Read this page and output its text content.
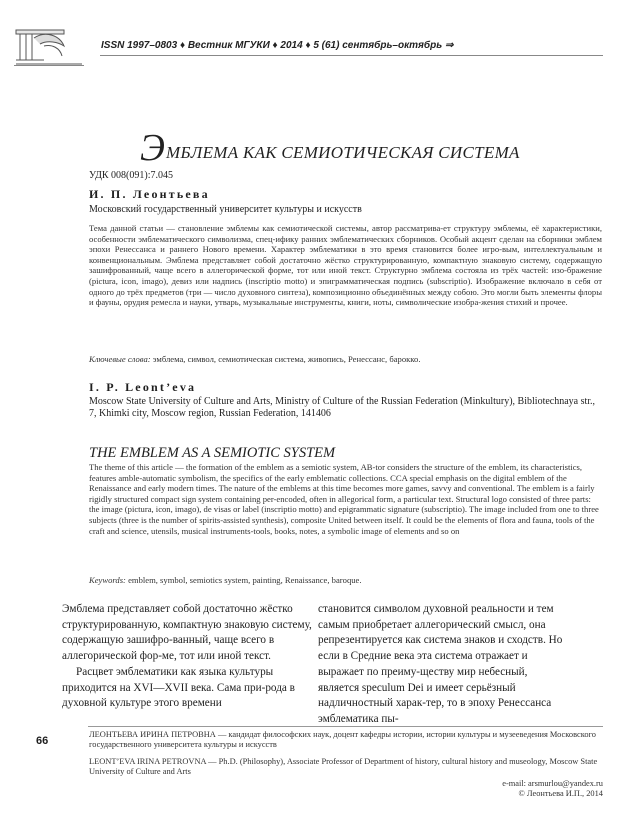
ISSN 1997–0803 ♦ Вестник МГУКИ ♦ 2014 ♦ 5 (61) сентябрь–октябрь ⇒
Э МБЛЕМА КАК СЕМИОТИЧЕСКАЯ СИСТЕМА
УДК 008(091):7.045
И. П. Леонтьева
Московский государственный университет культуры и искусств
Тема данной статьи — становление эмблемы как семиотической системы, автор рассматрива-ет структуру эмблемы, её характеристики, особенности эмблематического символизма, спец-ифику ранних эмблематических сборников. Особый акцент сделан на сборники эмблем эпохи Ренессанса и раннего Нового времени. Характер эмблематики в это время становится более игро-вым, интеллектуальным и конвенциональным. Эмблема представляет собой достаточно жёстко структурированную, компактную знаковую систему, содержащую зашифрованный, чаще всего в аллегорической форме, тот или иной текст. Структурно эмблема состояла из трёх частей: изо-бражение (pictura, icon, imago), девиз или надпись (inscriptio motto) и эпиграмматическая подпись (subscriptio). Изображение включало в себя от одного до трёх предметов (три — число духовного синтеза), композиционно объединённых между собою. Это могли быть элементы флоры и фауны, орудия ремесла и науки, утварь, музыкальные инструменты, книги, ноты, символические изобра-жения стихий и прочее.
Ключевые слова: эмблема, символ, семиотическая система, живопись, Ренессанс, барокко.
I. P. Leont’eva
Moscow State University of Culture and Arts, Ministry of Culture of the Russian Federation (Minkultury), Bibliotechnaya str., 7, Khimki city, Moscow region, Russian Federation, 141406
THE EMBLEM AS A SEMIOTIC SYSTEM
The theme of this article — the formation of the emblem as a semiotic system, AB-tor considers the structure of the emblem, its characteristics, features amble-automatic symbolism, the specifics of the early emblematic collections. CCA special emphasis on the digital emblem of the Renaissance and early modern times. The nature of the emblems at this time becomes more games, savvy and conventional. The emblem is a fairly rigidly structured compact sign system containing per-encoded, often in allegorical form, a particular text. Structural logo consisted of three parts: the image (pictura, icon, imago), de visas or label (inscriptio motto) and epigrammatic signature (subscriptio). The image included from one to three subjects (three is the number of spirits-assisted synthesis), composite United between itself. It could be the elements of flora and fauna, tools of the craft and science, utensils, musical instruments-tools, books, notes, a symbolic image of elements and so on
Keywords: emblem, symbol, semiotics system, painting, Renaissance, baroque.

Эмблема представляет собой достаточно жёстко структурированную, компактную знаковую систему, содержащую зашифро-ванный, чаще всего в аллегорической фор-ме, тот или иной текст.

Расцвет эмблематики как языка культуры приходится на XVI—XVII века. Сама при-рода в духовной культуре этого времени

становится символом духовной реальности и тем самым приобретает аллегорический смысл, она репрезентируется как система знаков и сходств. Но если в Средние века эта система отражает и выражает по преиму-ществу мир небесный, является speculum Dei и имеет серьёзный надличностный харак-тер, то в эпоху Ренессанса эмблематика пы-

66
ЛЕОНТЬЕВА ИРИНА ПЕТРОВНА — кандидат философских наук, доцент кафедры истории, истории культуры и музееведения Московского государственного университета культуры и искусств
LEONT’EVA IRINA PETROVNA — Ph.D. (Philosophy), Associate Professor of Department of history, cultural history and museology, Moscow State University of Culture and Arts
e-mail: arsmurlou@yandex.ru
© Леонтьева И.П., 2014
